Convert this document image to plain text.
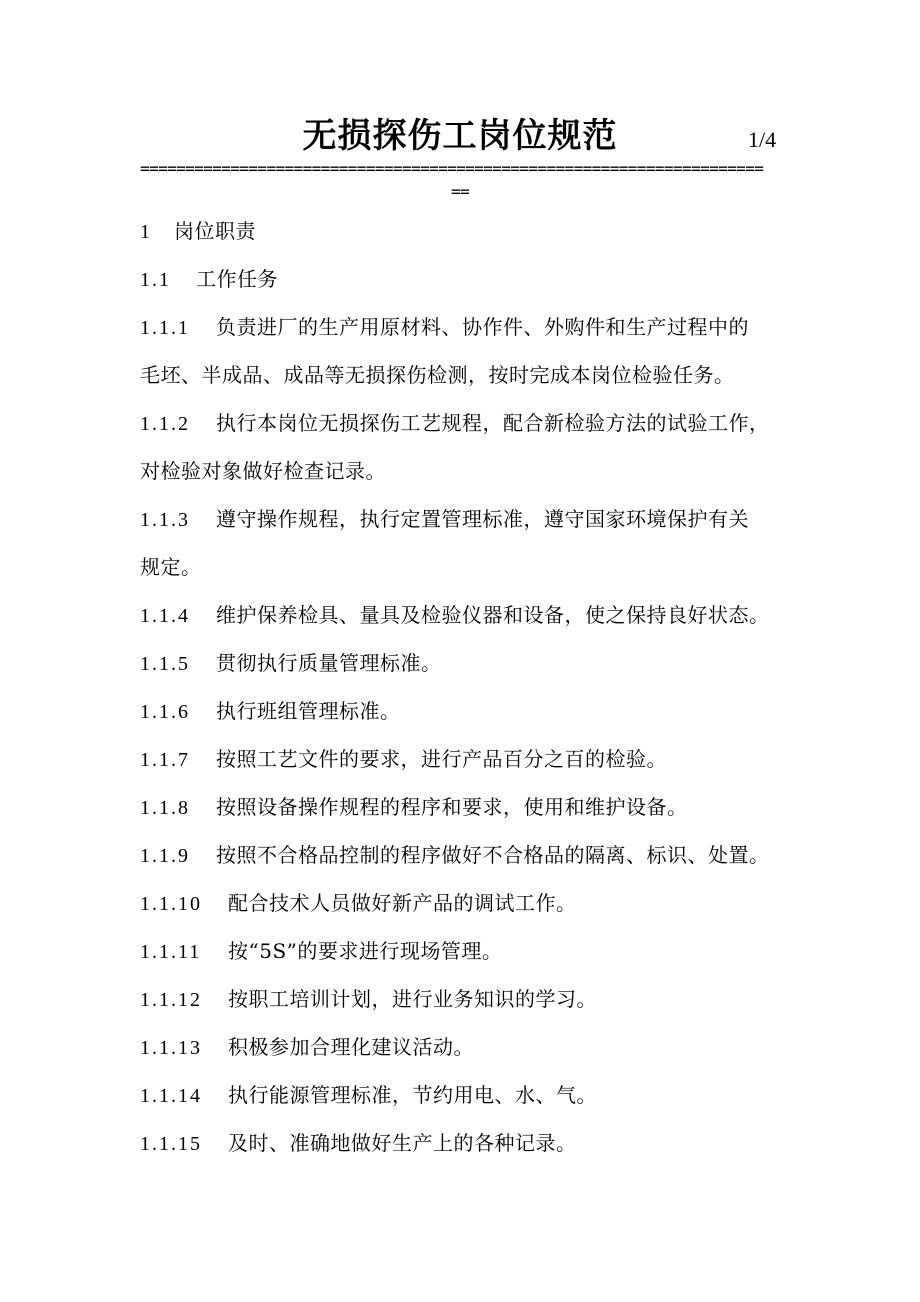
无损探伤工岗位规范	1/4
=====================================================================
==
1 岗位职责
1.1 工作任务
1.1.1 负责进厂的生产用原材料、协作件、外购件和生产过程中的
毛坯、半成品、成品等无损探伤检测，按时完成本岗位检验任务。
1.1.2 执行本岗位无损探伤工艺规程，配合新检验方法的试验工作，
对检验对象做好检查记录。
1.1.3 遵守操作规程，执行定置管理标准，遵守国家环境保护有关
规定。
1.1.4 维护保养检具、量具及检验仪器和设备，使之保持良好状态。
1.1.5 贯彻执行质量管理标准。
1.1.6 执行班组管理标准。
1.1.7 按照工艺文件的要求，进行产品百分之百的检验。
1.1.8 按照设备操作规程的程序和要求，使用和维护设备。
1.1.9 按照不合格品控制的程序做好不合格品的隔离、标识、处置。
1.1.10 配合技术人员做好新产品的调试工作。
1.1.11 按“5S”的要求进行现场管理。
1.1.12 按职工培训计划，进行业务知识的学习。
1.1.13 积极参加合理化建议活动。
1.1.14 执行能源管理标准，节约用电、水、气。
1.1.15 及时、准确地做好生产上的各种记录。
